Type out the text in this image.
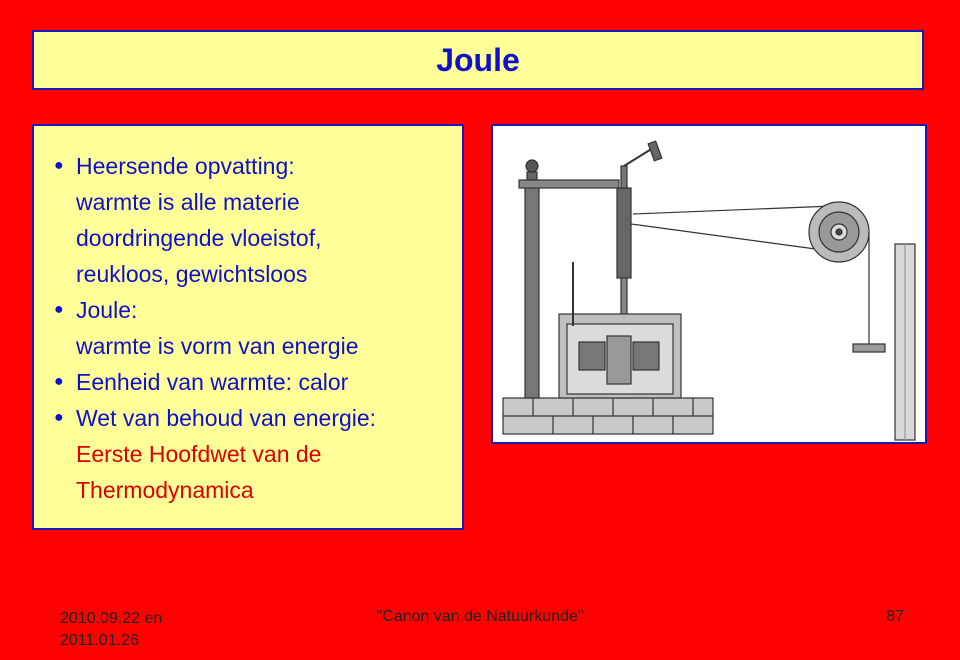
Joule
● Heersende opvatting:
warmte is alle materie
doordringende vloeistof,
reukloos, gewichtsloos
● Joule:
warmte is vorm van energie
● Eenheid van warmte: calor
● Wet van behoud van energie:
Eerste Hoofdwet van de
Thermodynamica
2010.09.22 en 2011.01.26
"Canon van de Natuurkunde"	87
